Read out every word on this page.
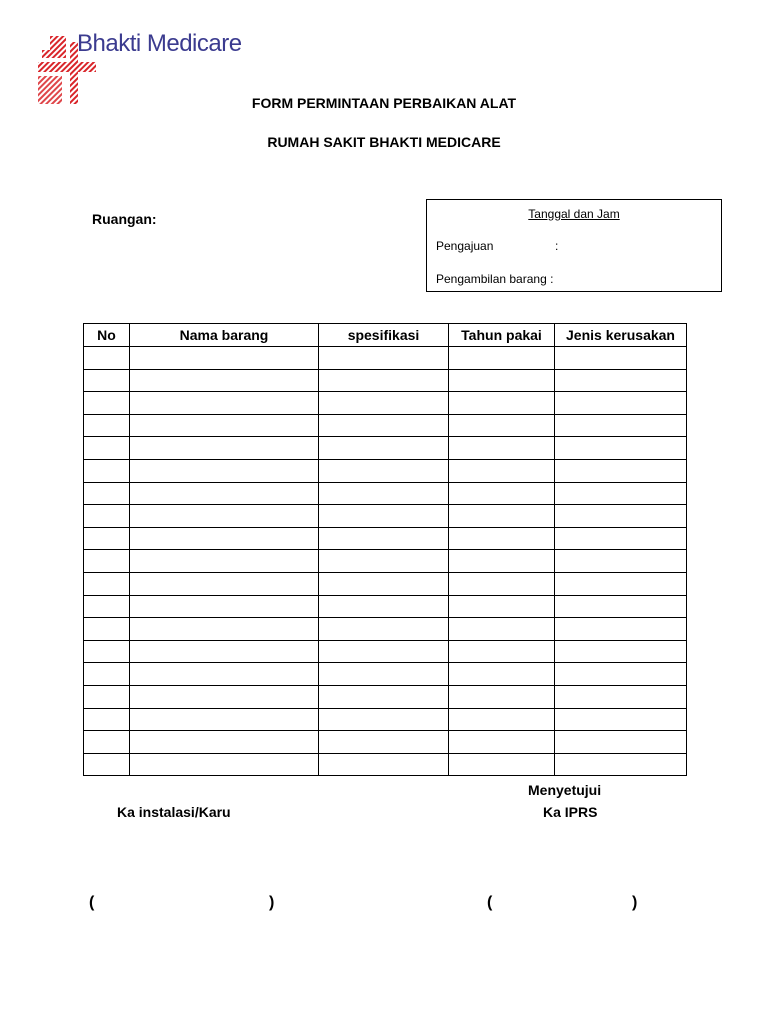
Bhakti Medicare
FORM PERMINTAAN PERBAIKAN ALAT
RUMAH SAKIT BHAKTI MEDICARE
Ruangan:	Tanggal dan Jam
Pengajuan	:
Pengambilan barang :
No	Nama barang	spesifikasi	Tahun pakai	Jenis kerusakan

Ka instalasi/Karu
Menyetujui
Ka IPRS
(	)	(	)
